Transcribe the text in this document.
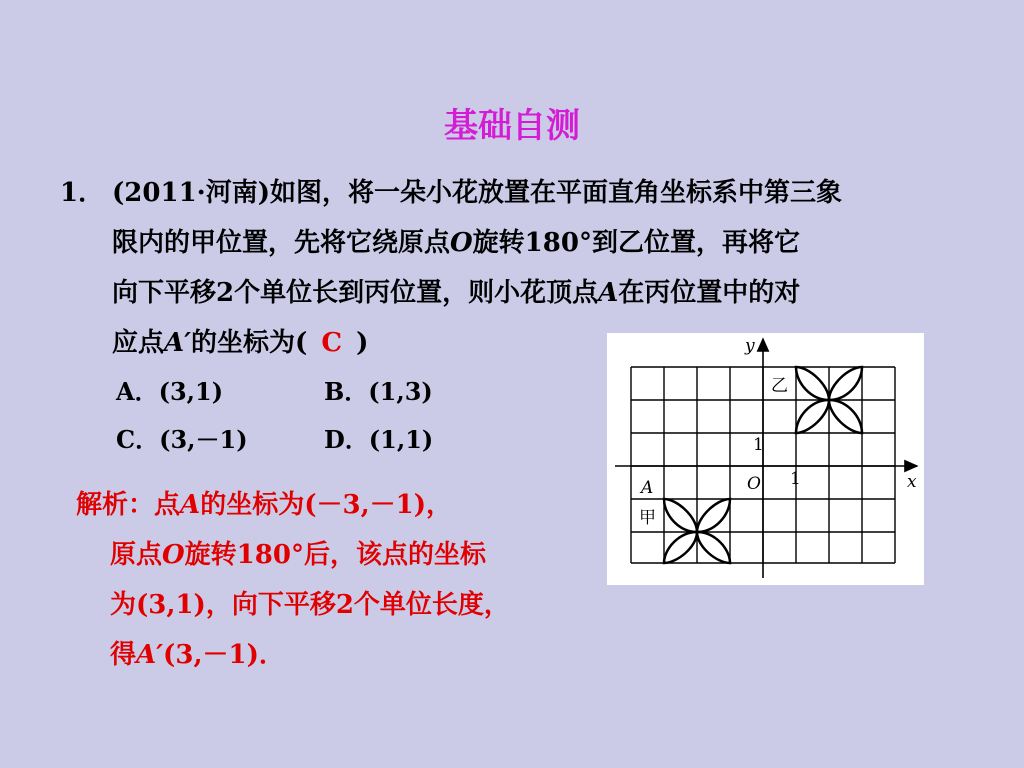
基础自测
1． (2011·河南)如图，将一朵小花放置在平面直角坐标系中第三象
限内的甲位置，先将它绕原点O旋转180°到乙位置，再将它
向下平移2个单位长到丙位置，则小花顶点A在丙位置中的对
应点A′的坐标为( C )
A．(3,1)	B．(1,3)
C．(3,－1)	D．(1,1)
解析：点A的坐标为(－3,－1)，
原点O旋转180°后，该点的坐标
为(3,1)，向下平移2个单位长度，
得A′(3,－1)．
y
x
O 1
1
A
甲
乙
